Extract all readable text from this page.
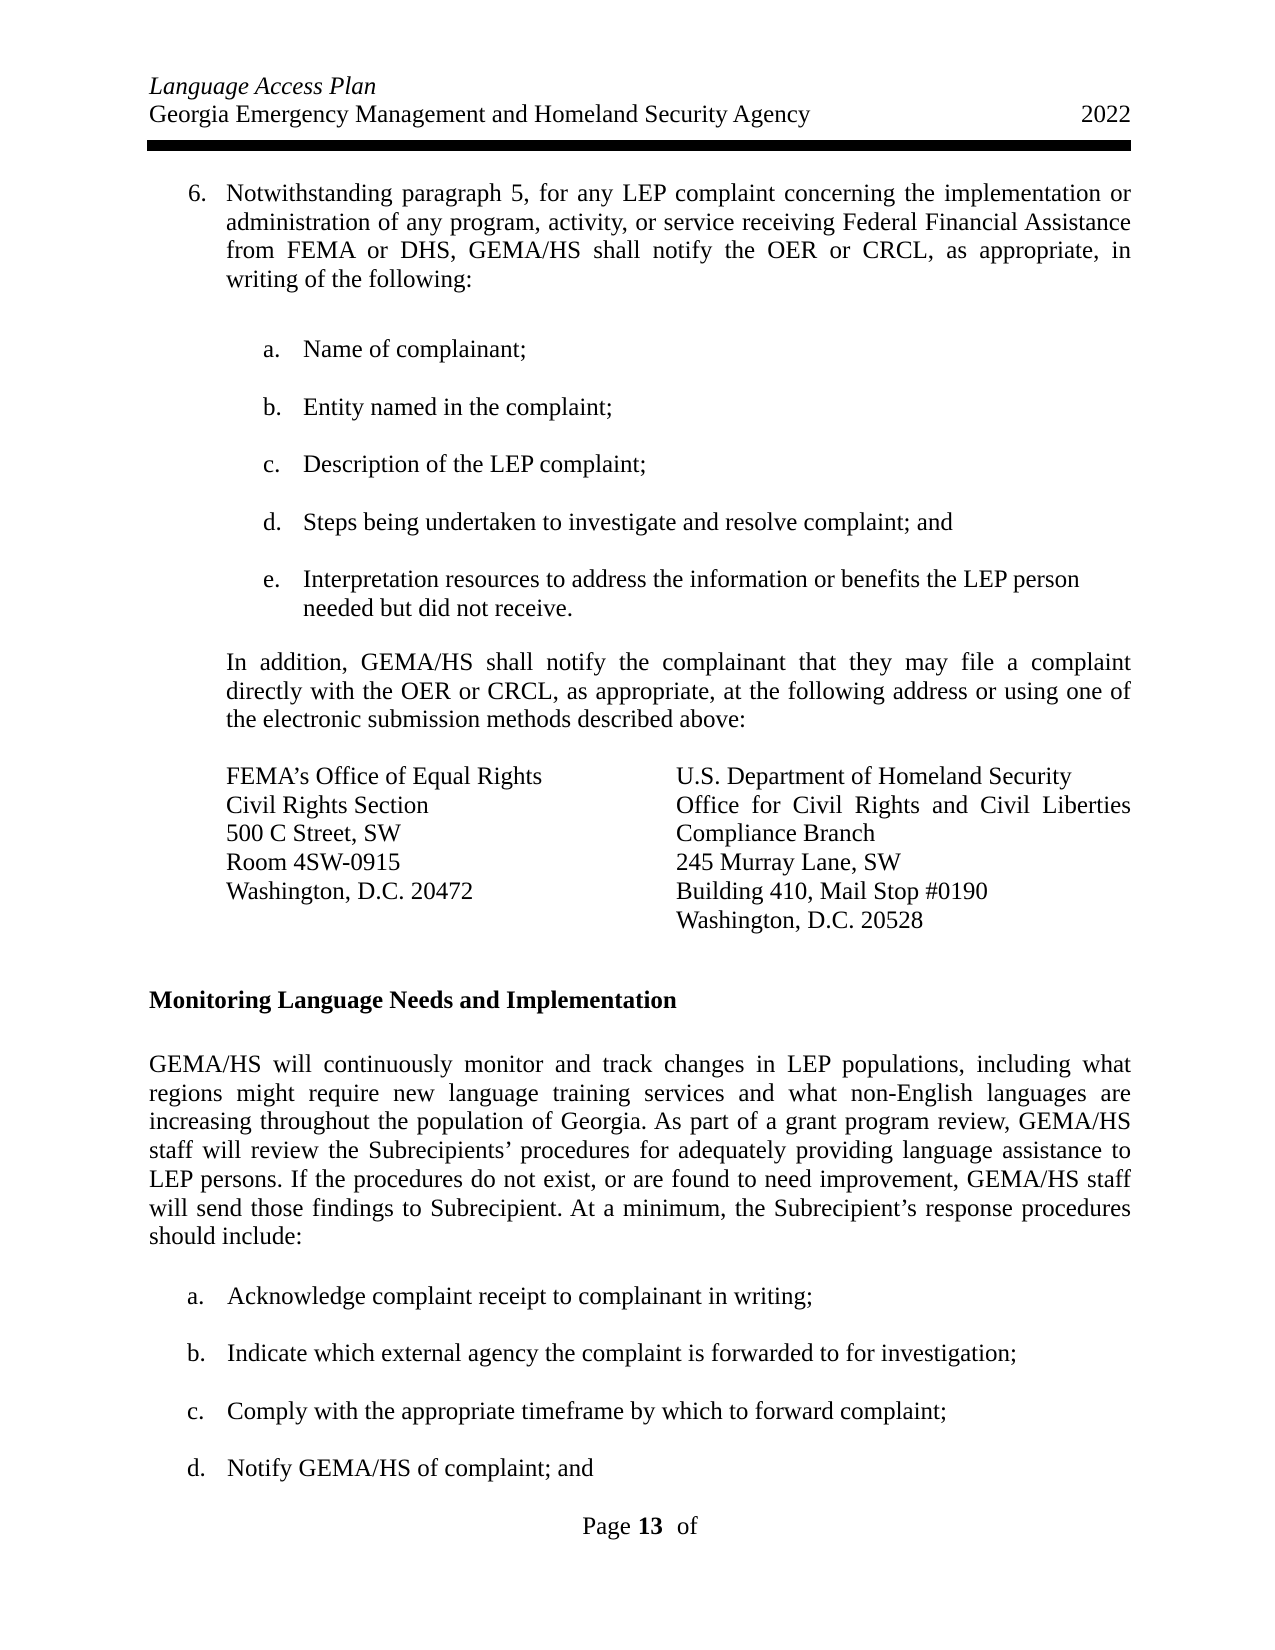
Language Access Plan
Georgia Emergency Management and Homeland Security Agency	2022
6. Notwithstanding paragraph 5, for any LEP complaint concerning the implementation or administration of any program, activity, or service receiving Federal Financial Assistance from FEMA or DHS, GEMA/HS shall notify the OER or CRCL, as appropriate, in writing of the following:
a. Name of complainant;
b. Entity named in the complaint;
c. Description of the LEP complaint;
d. Steps being undertaken to investigate and resolve complaint; and
e. Interpretation resources to address the information or benefits the LEP person needed but did not receive.
In addition, GEMA/HS shall notify the complainant that they may file a complaint directly with the OER or CRCL, as appropriate, at the following address or using one of the electronic submission methods described above:
FEMA’s Office of Equal Rights
Civil Rights Section
500 C Street, SW
Room 4SW-0915
Washington, D.C. 20472
U.S. Department of Homeland Security
Office for Civil Rights and Civil Liberties
Compliance Branch
245 Murray Lane, SW
Building 410, Mail Stop #0190
Washington, D.C. 20528
Monitoring Language Needs and Implementation
GEMA/HS will continuously monitor and track changes in LEP populations, including what regions might require new language training services and what non-English languages are increasing throughout the population of Georgia. As part of a grant program review, GEMA/HS staff will review the Subrecipients’ procedures for adequately providing language assistance to LEP persons. If the procedures do not exist, or are found to need improvement, GEMA/HS staff will send those findings to Subrecipient. At a minimum, the Subrecipient’s response procedures should include:
a. Acknowledge complaint receipt to complainant in writing;
b. Indicate which external agency the complaint is forwarded to for investigation;
c. Comply with the appropriate timeframe by which to forward complaint;
d. Notify GEMA/HS of complaint; and
Page 13 of
